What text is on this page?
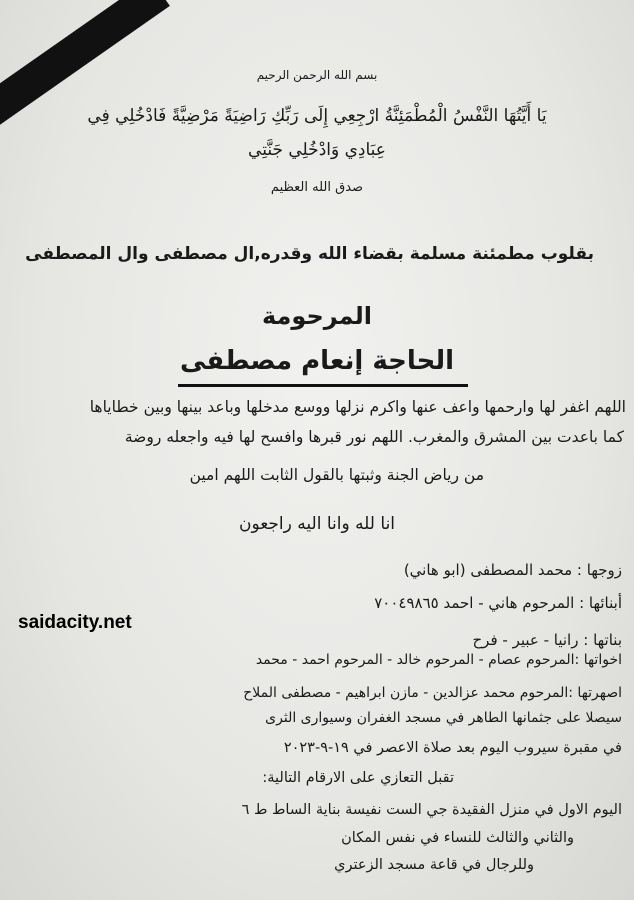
بسم الله الرحمن الرحيم
يَا أَيَّتُهَا النَّفْسُ الْمُطْمَئِنَّةُ ارْجِعِي إِلَى رَبِّكِ رَاضِيَةً مَرْضِيَّةً فَادْخُلِي فِي
عِبَادِي وَادْخُلِي جَنَّتِي
صدق الله العظيم
بقلوب مطمئنة مسلمة بقضاء الله وقدره,ال مصطفى وال المصطفى
المرحومة
الحاجة إنعام مصطفى
اللهم اغفر لها وارحمها واعف عنها واكرم نزلها ووسع مدخلها وباعد بينها وبين خطاياها
كما باعدت بين المشرق والمغرب. اللهم نور قبرها وافسح لها فيه واجعله روضة
من رياض الجنة وثبتها بالقول الثابت اللهم امين
انا لله وانا اليه راجعون
زوجها : محمد المصطفى (ابو هاني)
أبنائها : المرحوم هاني - احمد ٧٠٠٤٩٨٦٥
بناتها : رانيا - عبير - فرح
اخواتها :المرحوم عصام - المرحوم خالد - المرحوم احمد - محمد
اصهرتها :المرحوم محمد عزالدين - مازن ابراهيم - مصطفى الملاح
سيصلا على جثمانها الطاهر في مسجد الغفران وسيوارى الثرى
في مقبرة سيروب اليوم بعد صلاة الاعصر في ١٩-٩-٢٠٢٣
تقبل التعازي على الارقام التالية:
اليوم الاول في منزل الفقيدة جي الست نفيسة بناية الساط ط ٦
والثاني والثالث للنساء في نفس المكان
وللرجال في قاعة مسجد الزعتري
saidacity.net
